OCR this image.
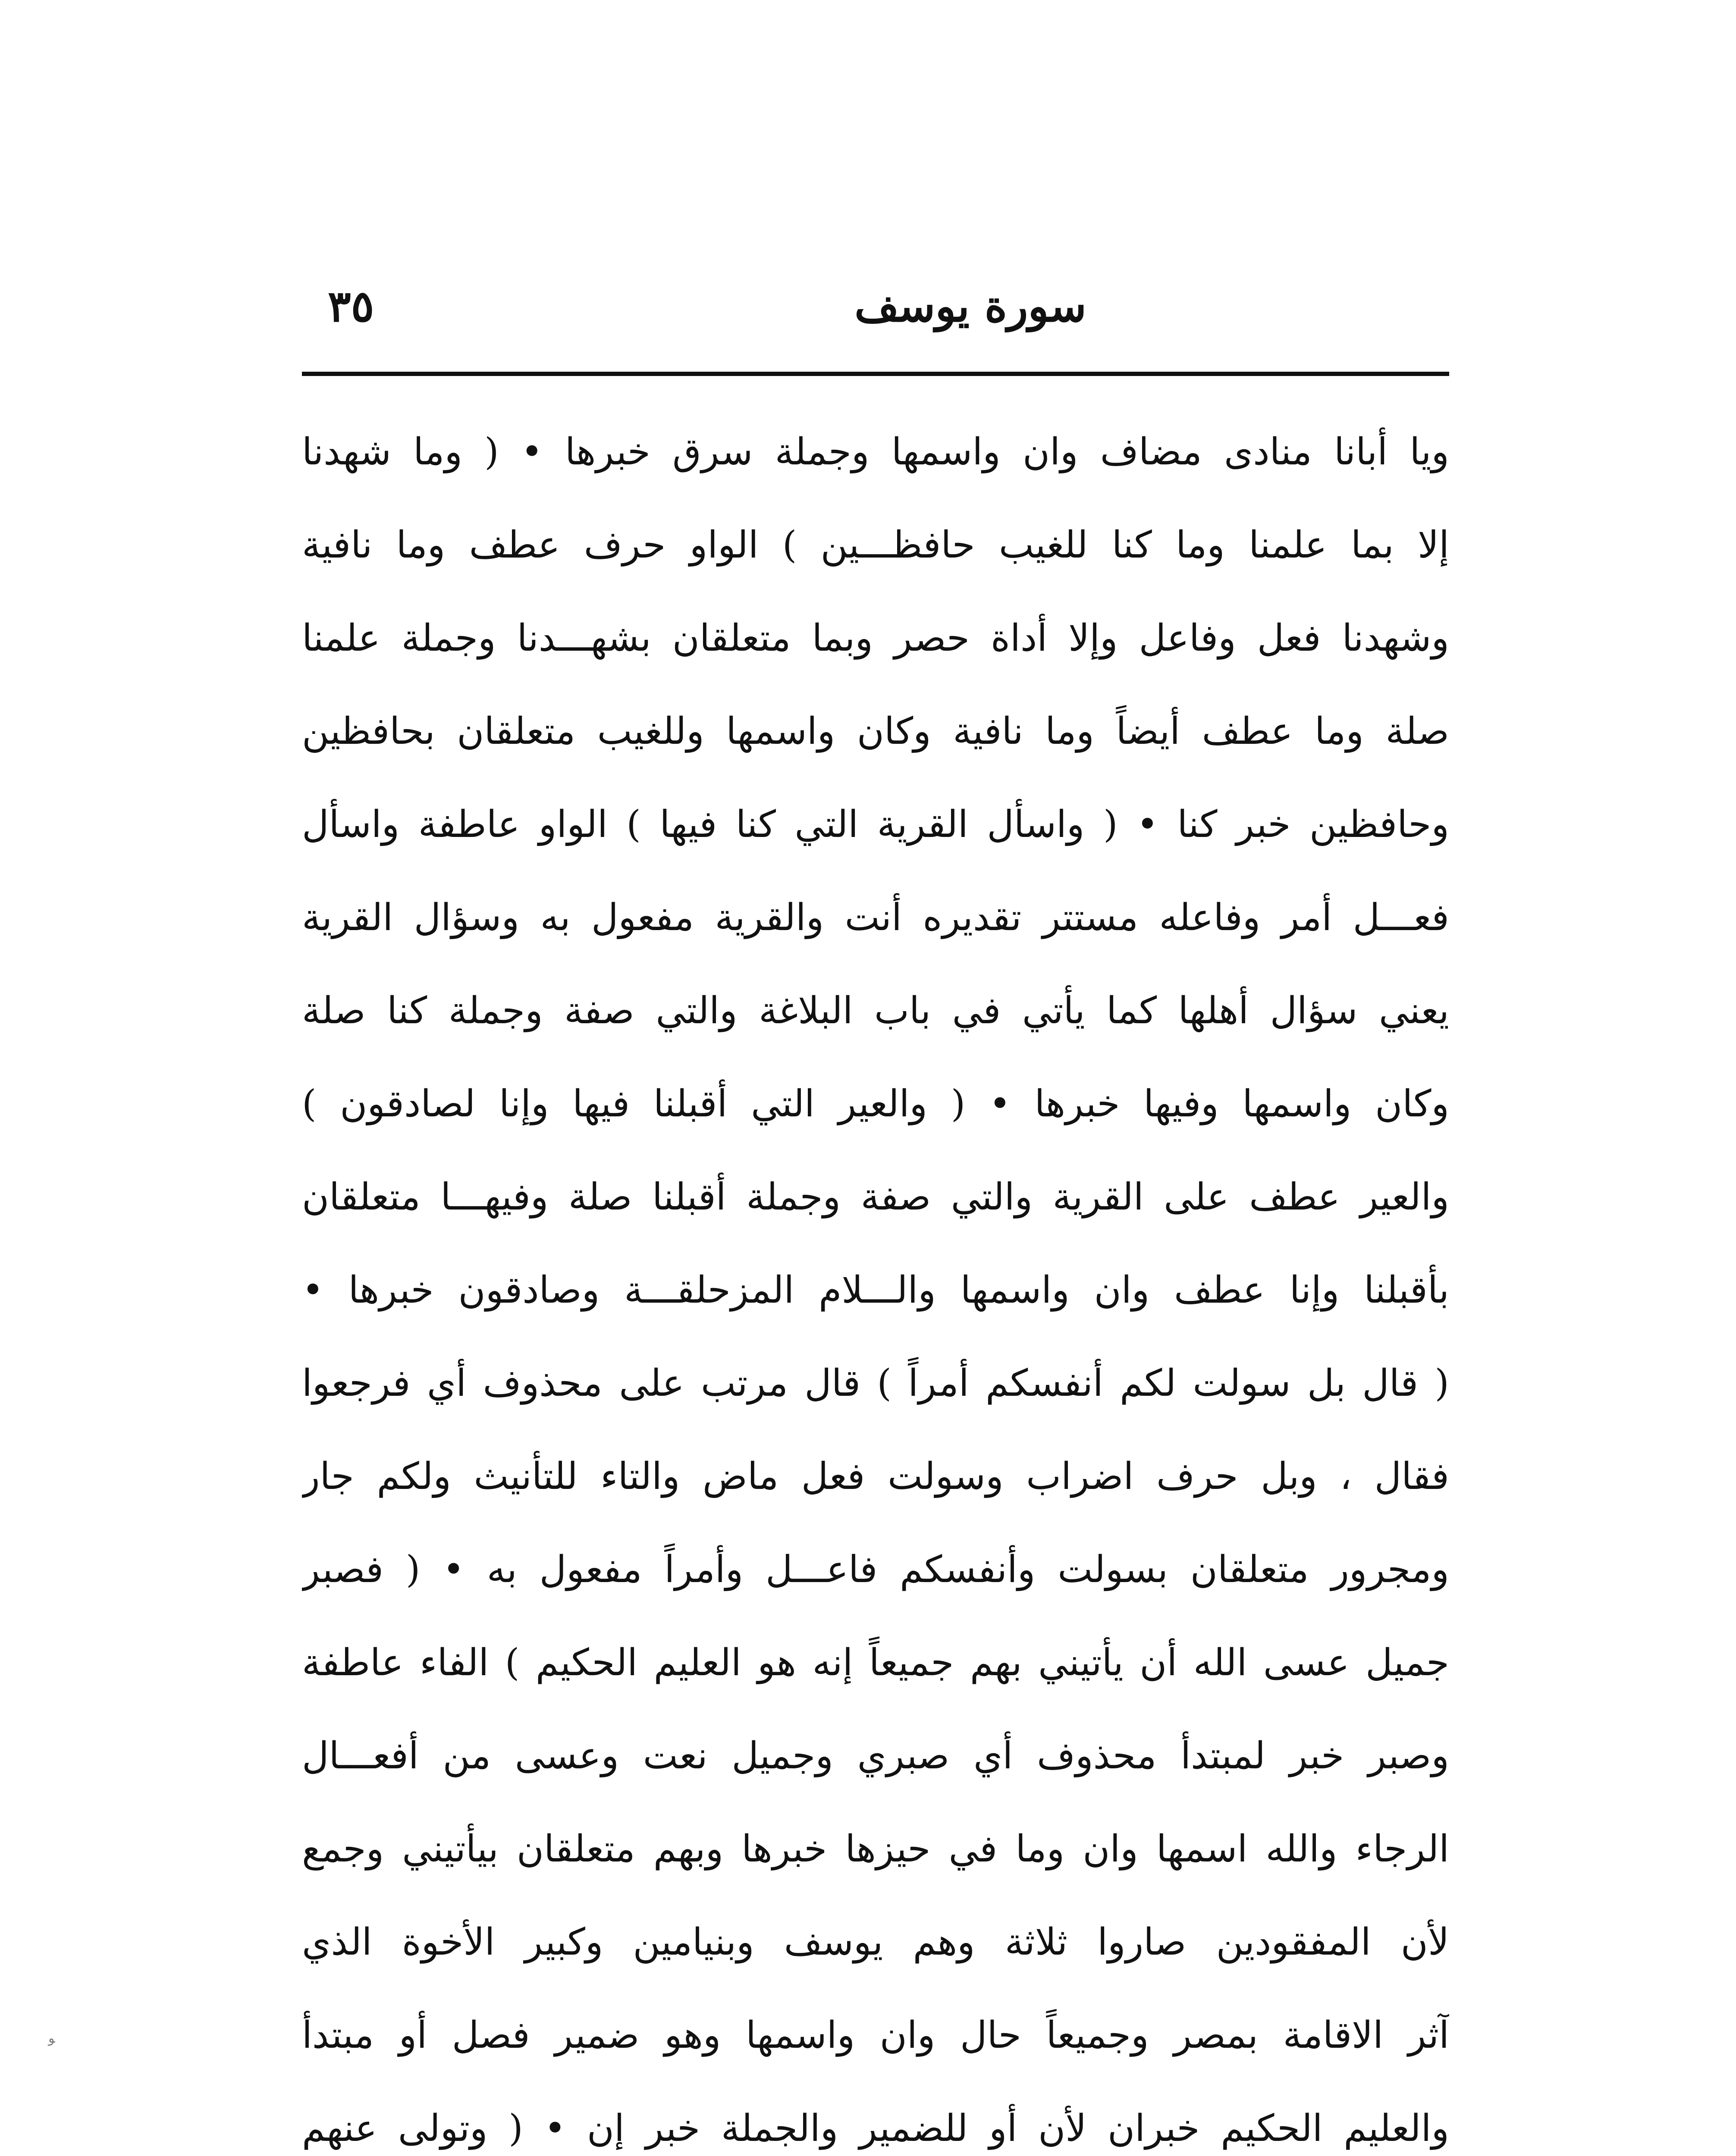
سورة يوسف
٣٥
ويا أبانا منادى مضاف وان واسمها وجملة سرق خبرها • ( وما شهدنا
إلا بما علمنا وما كنا للغيب حافظـــين ) الواو حرف عطف وما نافية
وشهدنا فعل وفاعل وإلا أداة حصر وبما متعلقان بشهـــدنا وجملة علمنا
صلة وما عطف أيضاً وما نافية وكان واسمها وللغيب متعلقان بحافظين
وحافظين خبر كنا • ( واسأل القرية التي كنا فيها ) الواو عاطفة واسأل
فعـــل أمر وفاعله مستتر تقديره أنت والقرية مفعول به وسؤال القرية
يعني سؤال أهلها كما يأتي في باب البلاغة والتي صفة وجملة كنا صلة
وكان واسمها وفيها خبرها • ( والعير التي أقبلنا فيها وإنا لصادقون )
والعير عطف على القرية والتي صفة وجملة أقبلنا صلة وفيهـــا متعلقان
بأقبلنا وإنا عطف وان واسمها والـــلام المزحلقـــة وصادقون خبرها •
( قال بل سولت لكم أنفسكم أمراً ) قال مرتب على محذوف أي فرجعوا
فقال ، وبل حرف اضراب وسولت فعل ماض والتاء للتأنيث ولكم جار
ومجرور متعلقان بسولت وأنفسكم فاعـــل وأمراً مفعول به • ( فصبر
جميل عسى الله أن يأتيني بهم جميعاً إنه هو العليم الحكيم ) الفاء عاطفة
وصبر خبر لمبتدأ محذوف أي صبري وجميل نعت وعسى من أفعـــال
الرجاء والله اسمها وان وما في حيزها خبرها وبهم متعلقان بيأتيني وجمع
لأن المفقودين صاروا ثلاثة وهم يوسف وبنيامين وكبير الأخوة الذي
آثر الاقامة بمصر وجميعاً حال وان واسمها وهو ضمير فصل أو مبتدأ
والعليم الحكيم خبران لأن أو للضمير والجملة خبر إن • ( وتولى عنهم
ﻮ
